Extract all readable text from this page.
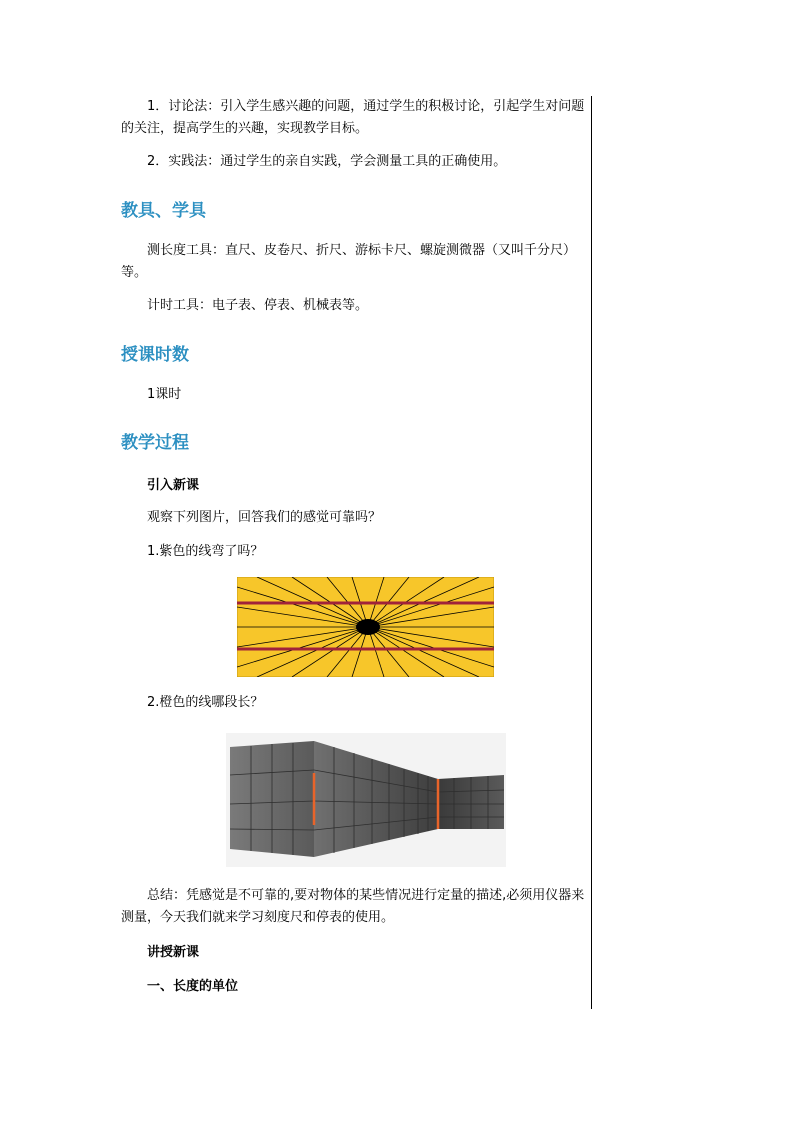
1．讨论法：引入学生感兴趣的问题，通过学生的积极讨论，引起学生对问题的关注，提高学生的兴趣，实现教学目标。

2．实践法：通过学生的亲自实践，学会测量工具的正确使用。

教具、学具

测长度工具：直尺、皮卷尺、折尺、游标卡尺、螺旋测微器（又叫千分尺）等。

计时工具：电子表、停表、机械表等。

授课时数

1课时

教学过程

引入新课

观察下列图片，回答我们的感觉可靠吗？

1.紫色的线弯了吗？

2.橙色的线哪段长？

总结：凭感觉是不可靠的,要对物体的某些情况进行定量的描述,必须用仪器来测量，今天我们就来学习刻度尺和停表的使用。

讲授新课

一、长度的单位
